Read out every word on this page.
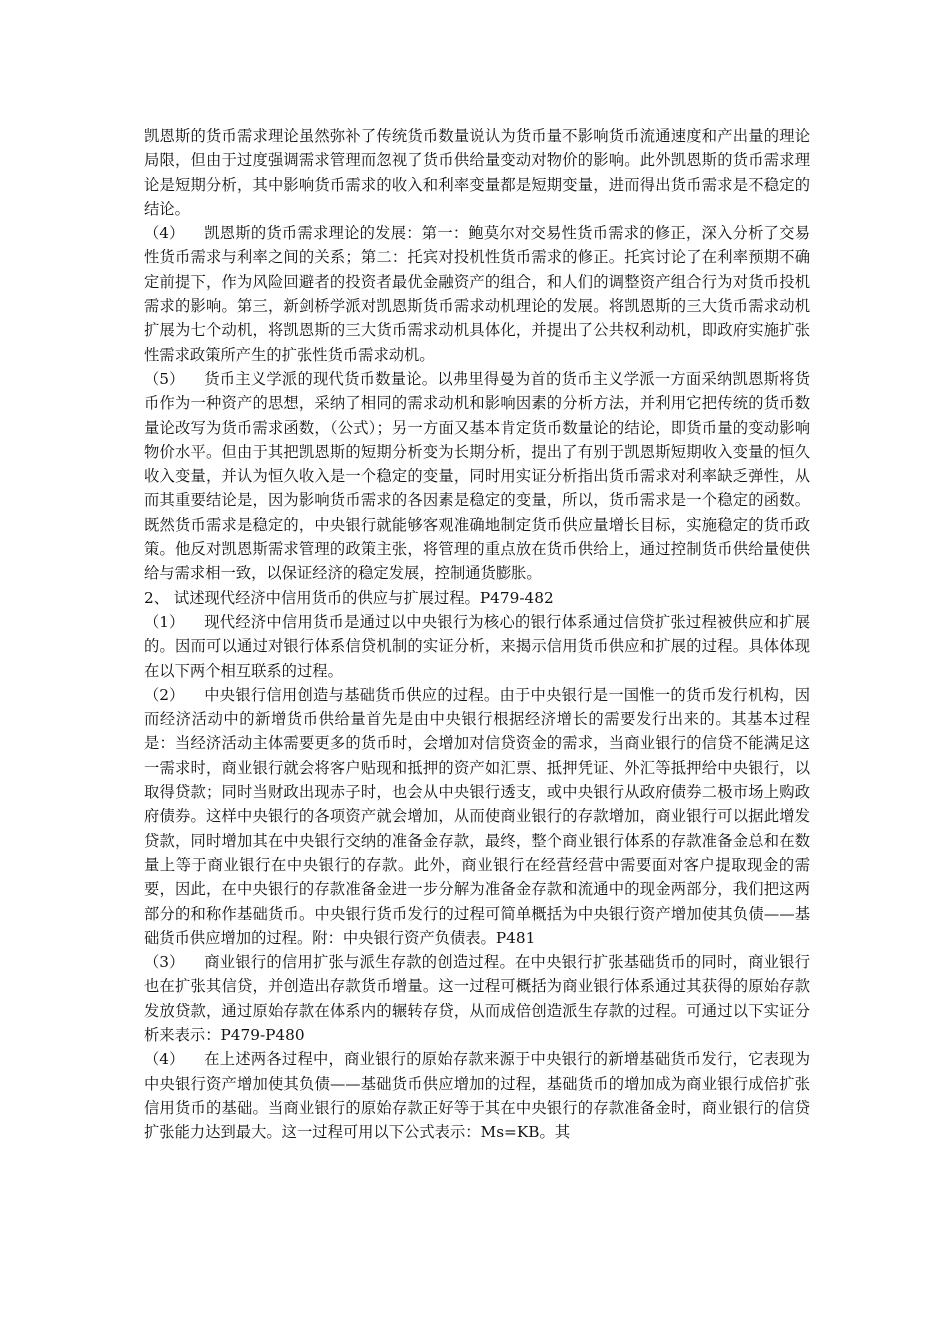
凯恩斯的货币需求理论虽然弥补了传统货币数量说认为货币量不影响货币流通速度和产出量的理论局限，但由于过度强调需求管理而忽视了货币供给量变动对物价的影响。此外凯恩斯的货币需求理论是短期分析，其中影响货币需求的收入和利率变量都是短期变量，进而得出货币需求是不稳定的结论。

（4） 凯恩斯的货币需求理论的发展：第一：鲍莫尔对交易性货币需求的修正，深入分析了交易性货币需求与利率之间的关系；第二：托宾对投机性货币需求的修正。托宾讨论了在利率预期不确定前提下，作为风险回避者的投资者最优金融资产的组合，和人们的调整资产组合行为对货币投机需求的影响。第三，新剑桥学派对凯恩斯货币需求动机理论的发展。将凯恩斯的三大货币需求动机扩展为七个动机，将凯恩斯的三大货币需求动机具体化，并提出了公共权利动机，即政府实施扩张性需求政策所产生的扩张性货币需求动机。

（5） 货币主义学派的现代货币数量论。以弗里得曼为首的货币主义学派一方面采纳凯恩斯将货币作为一种资产的思想，采纳了相同的需求动机和影响因素的分析方法，并利用它把传统的货币数量论改写为货币需求函数，（公式）；另一方面又基本肯定货币数量论的结论，即货币量的变动影响物价水平。但由于其把凯恩斯的短期分析变为长期分析，提出了有别于凯恩斯短期收入变量的恒久收入变量，并认为恒久收入是一个稳定的变量，同时用实证分析指出货币需求对利率缺乏弹性，从而其重要结论是，因为影响货币需求的各因素是稳定的变量，所以，货币需求是一个稳定的函数。既然货币需求是稳定的，中央银行就能够客观准确地制定货币供应量增长目标，实施稳定的货币政策。他反对凯恩斯需求管理的政策主张，将管理的重点放在货币供给上，通过控制货币供给量使供给与需求相一致，以保证经济的稳定发展，控制通货膨胀。

2、 试述现代经济中信用货币的供应与扩展过程。P479-482

（1） 现代经济中信用货币是通过以中央银行为核心的银行体系通过信贷扩张过程被供应和扩展的。因而可以通过对银行体系信贷机制的实证分析，来揭示信用货币供应和扩展的过程。具体体现在以下两个相互联系的过程。

（2） 中央银行信用创造与基础货币供应的过程。由于中央银行是一国惟一的货币发行机构，因而经济活动中的新增货币供给量首先是由中央银行根据经济增长的需要发行出来的。其基本过程是：当经济活动主体需要更多的货币时，会增加对信贷资金的需求，当商业银行的信贷不能满足这一需求时，商业银行就会将客户贴现和抵押的资产如汇票、抵押凭证、外汇等抵押给中央银行，以取得贷款；同时当财政出现赤子时，也会从中央银行透支，或中央银行从政府债券二极市场上购政府债券。这样中央银行的各项资产就会增加，从而使商业银行的存款增加，商业银行可以据此增发贷款，同时增加其在中央银行交纳的准备金存款，最终，整个商业银行体系的存款准备金总和在数量上等于商业银行在中央银行的存款。此外，商业银行在经营经营中需要面对客户提取现金的需要，因此，在中央银行的存款准备金进一步分解为准备金存款和流通中的现金两部分，我们把这两部分的和称作基础货币。中央银行货币发行的过程可简单概括为中央银行资产增加使其负债——基础货币供应增加的过程。附：中央银行资产负债表。P481

（3） 商业银行的信用扩张与派生存款的创造过程。在中央银行扩张基础货币的同时，商业银行也在扩张其信贷，并创造出存款货币增量。这一过程可概括为商业银行体系通过其获得的原始存款发放贷款，通过原始存款在体系内的辗转存贷，从而成倍创造派生存款的过程。可通过以下实证分析来表示：P479-P480

（4） 在上述两各过程中，商业银行的原始存款来源于中央银行的新增基础货币发行，它表现为中央银行资产增加使其负债——基础货币供应增加的过程，基础货币的增加成为商业银行成倍扩张信用货币的基础。当商业银行的原始存款正好等于其在中央银行的存款准备金时，商业银行的信贷扩张能力达到最大。这一过程可用以下公式表示：Ms=KB。其
